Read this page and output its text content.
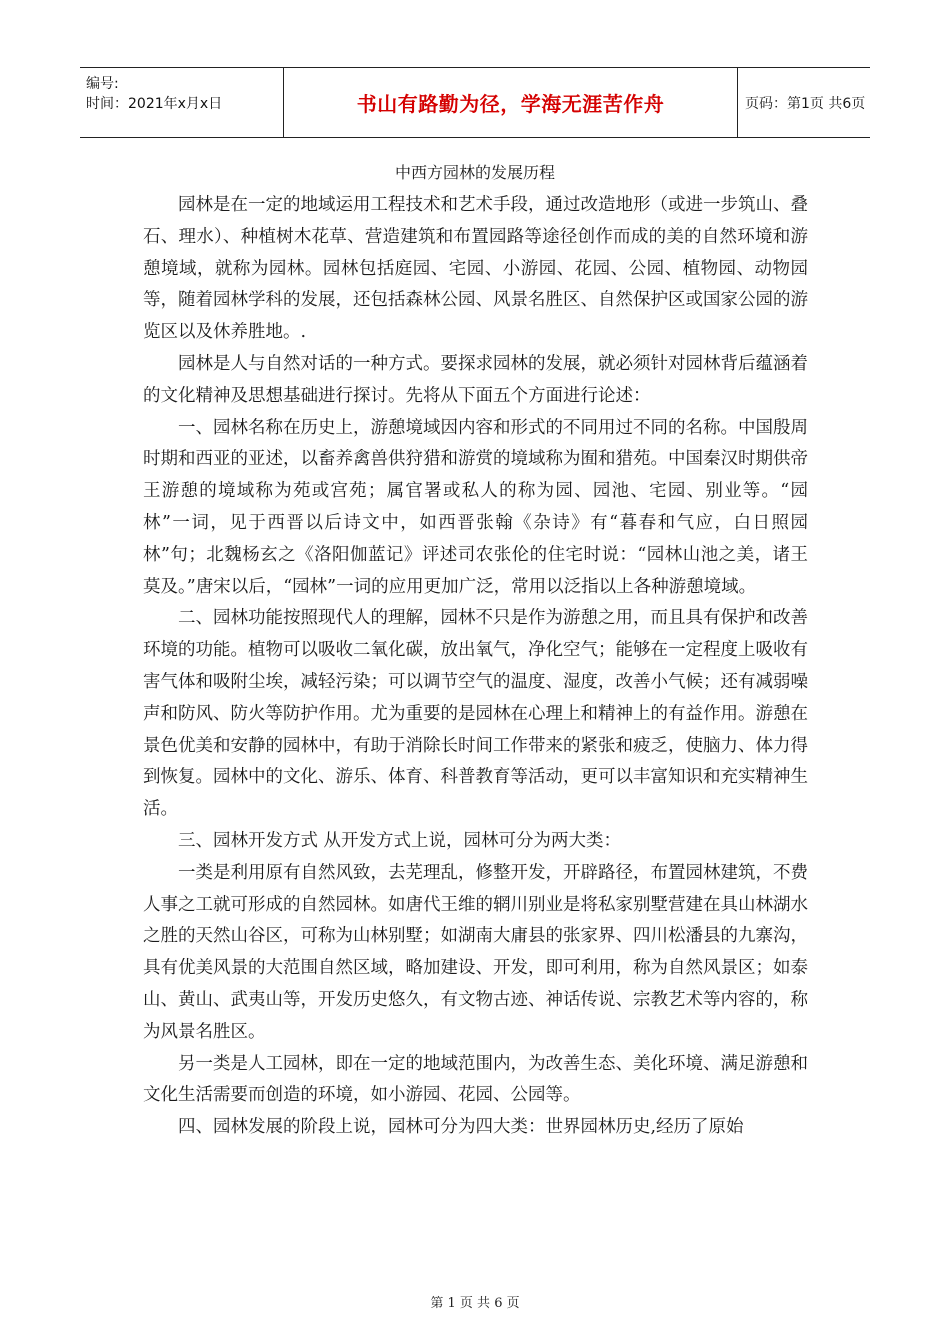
编号:
时间：2021年x月x日	书山有路勤为径，学海无涯苦作舟	页码：第1页 共6页
中西方园林的发展历程

园林是在一定的地域运用工程技术和艺术手段，通过改造地形（或进一步筑山、叠石、理水）、种植树木花草、营造建筑和布置园路等途径创作而成的美的自然环境和游憩境域，就称为园林。园林包括庭园、宅园、小游园、花园、公园、植物园、动物园等，随着园林学科的发展，还包括森林公园、风景名胜区、自然保护区或国家公园的游览区以及休养胜地。.

园林是人与自然对话的一种方式。要探求园林的发展，就必须针对园林背后蕴涵着的文化精神及思想基础进行探讨。先将从下面五个方面进行论述：

一、园林名称在历史上，游憩境域因内容和形式的不同用过不同的名称。中国殷周时期和西亚的亚述，以畜养禽兽供狩猎和游赏的境域称为囿和猎苑。中国秦汉时期供帝王游憩的境域称为苑或宫苑；属官署或私人的称为园、园池、宅园、别业等。“园林”一词，见于西晋以后诗文中，如西晋张翰《杂诗》有“暮春和气应，白日照园林”句；北魏杨玄之《洛阳伽蓝记》评述司农张伦的住宅时说：“园林山池之美，诸王莫及。”唐宋以后，“园林”一词的应用更加广泛，常用以泛指以上各种游憩境域。

二、园林功能按照现代人的理解，园林不只是作为游憩之用，而且具有保护和改善环境的功能。植物可以吸收二氧化碳，放出氧气，净化空气；能够在一定程度上吸收有害气体和吸附尘埃，减轻污染；可以调节空气的温度、湿度，改善小气候；还有减弱噪声和防风、防火等防护作用。尤为重要的是园林在心理上和精神上的有益作用。游憩在景色优美和安静的园林中，有助于消除长时间工作带来的紧张和疲乏，使脑力、体力得到恢复。园林中的文化、游乐、体育、科普教育等活动，更可以丰富知识和充实精神生活。

三、园林开发方式 从开发方式上说，园林可分为两大类：

一类是利用原有自然风致，去芜理乱，修整开发，开辟路径，布置园林建筑，不费人事之工就可形成的自然园林。如唐代王维的辋川别业是将私家别墅营建在具山林湖水之胜的天然山谷区，可称为山林别墅；如湖南大庸县的张家界、四川松潘县的九寨沟，具有优美风景的大范围自然区域，略加建设、开发，即可利用，称为自然风景区；如泰山、黄山、武夷山等，开发历史悠久，有文物古迹、神话传说、宗教艺术等内容的，称为风景名胜区。

另一类是人工园林，即在一定的地域范围内，为改善生态、美化环境、满足游憩和文化生活需要而创造的环境，如小游园、花园、公园等。

四、园林发展的阶段上说，园林可分为四大类：世界园林历史,经历了原始

第 1 页 共 6 页
